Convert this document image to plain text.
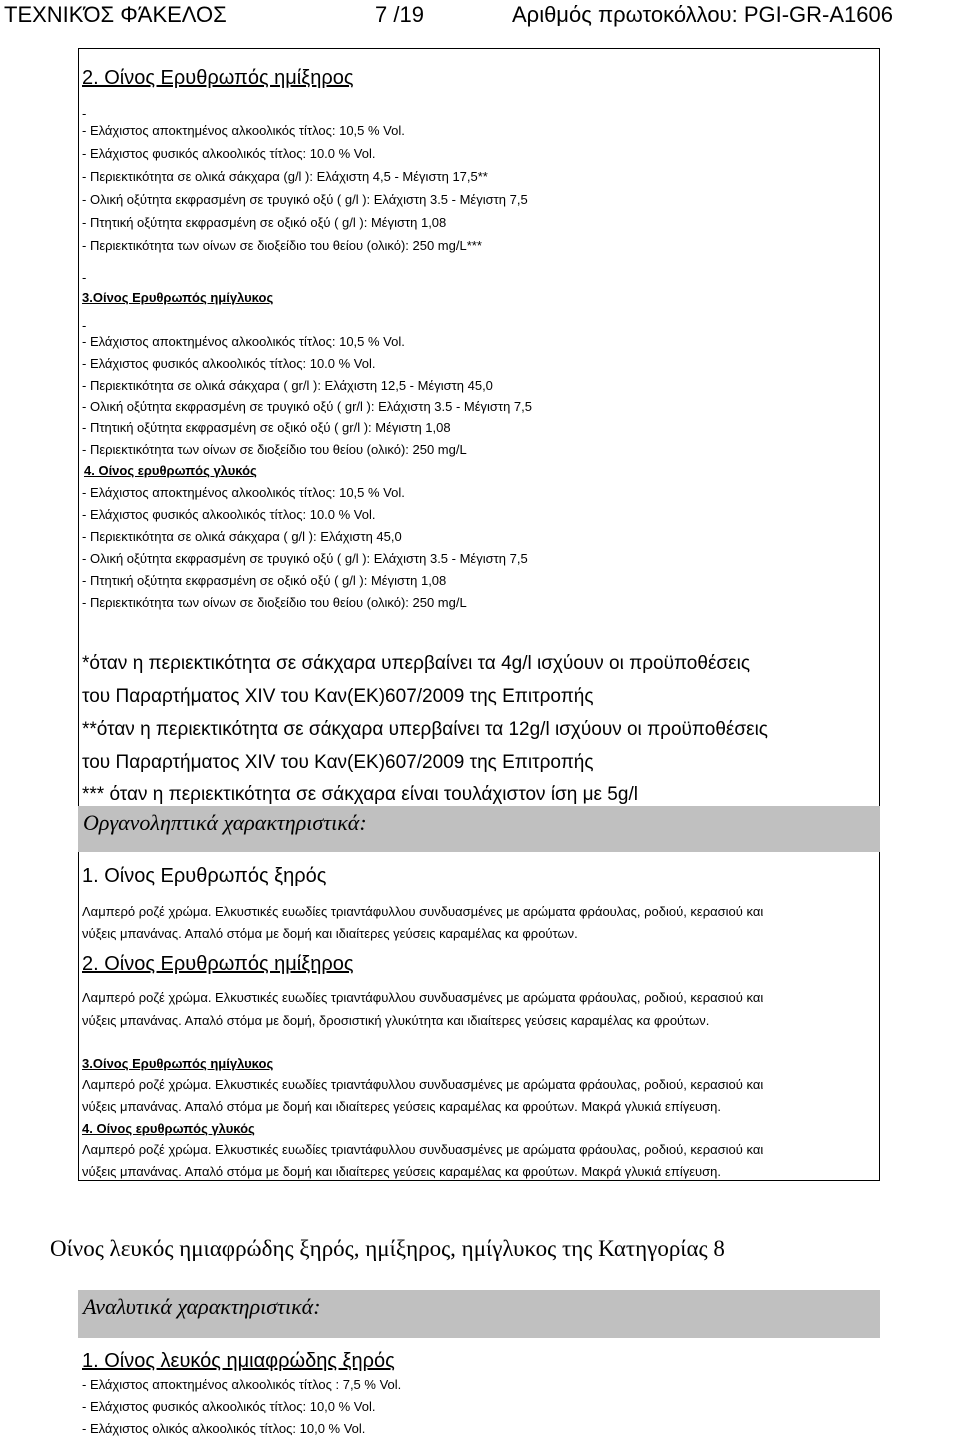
ΤΕΧΝΙΚΌΣ ΦΆΚΕΛΟΣ	7 /19	Αριθμός πρωτοκόλλου: PGI-GR-A1606
2. Οίνος Ερυθρωπός ημίξηρος
-
- Ελάχιστος αποκτημένος αλκοολικός τίτλος: 10,5 % Vol.
- Ελάχιστος φυσικός αλκοολικός τίτλος: 10.0 % Vol.
- Περιεκτικότητα σε ολικά σάκχαρα (g/l ): Ελάχιστη 4,5 - Μέγιστη 17,5**
- Ολική οξύτητα εκφρασμένη σε τρυγικό οξύ ( g/l ): Ελάχιστη 3.5 - Μέγιστη 7,5
- Πτητική οξύτητα εκφρασμένη σε οξικό οξύ ( g/l ): Μέγιστη 1,08
- Περιεκτικότητα των οίνων σε διοξείδιο του θείου (ολικό): 250 mg/L***
-
3.Οίνος Ερυθρωπός ημίγλυκος
-
- Ελάχιστος αποκτημένος αλκοολικός τίτλος: 10,5 % Vol.
- Ελάχιστος φυσικός αλκοολικός τίτλος: 10.0 % Vol.
- Περιεκτικότητα σε ολικά σάκχαρα ( gr/l ): Ελάχιστη 12,5 - Μέγιστη 45,0
- Ολική οξύτητα εκφρασμένη σε τρυγικό οξύ ( gr/l ): Ελάχιστη 3.5 - Μέγιστη 7,5
- Πτητική οξύτητα εκφρασμένη σε οξικό οξύ ( gr/l ): Μέγιστη 1,08
- Περιεκτικότητα των οίνων σε διοξείδιο του θείου (ολικό): 250 mg/L
4. Οίνος ερυθρωπός γλυκός
- Ελάχιστος αποκτημένος αλκοολικός τίτλος: 10,5 % Vol.
- Ελάχιστος φυσικός αλκοολικός τίτλος: 10.0 % Vol.
- Περιεκτικότητα σε ολικά σάκχαρα ( g/l ): Ελάχιστη 45,0
- Ολική οξύτητα εκφρασμένη σε τρυγικό οξύ ( g/l ): Ελάχιστη 3.5 - Μέγιστη 7,5
- Πτητική οξύτητα εκφρασμένη σε οξικό οξύ ( g/l ): Μέγιστη 1,08
- Περιεκτικότητα των οίνων σε διοξείδιο του θείου (ολικό): 250 mg/L
*όταν η περιεκτικότητα σε σάκχαρα υπερβαίνει τα 4g/l ισχύουν οι προϋποθέσεις
του Παραρτήματος XIV του Καν(ΕΚ)607/2009 της Επιτροπής
**όταν η περιεκτικότητα σε σάκχαρα υπερβαίνει τα 12g/l ισχύουν οι προϋποθέσεις
του Παραρτήματος XIV του Καν(ΕΚ)607/2009 της Επιτροπής
*** όταν η περιεκτικότητα σε σάκχαρα είναι τουλάχιστον ίση με 5g/l
Οργανοληπτικά χαρακτηριστικά:
1. Οίνος Ερυθρωπός ξηρός
Λαμπερό ροζέ χρώμα. Ελκυστικές ευωδίες τριαντάφυλλου συνδυασμένες με αρώματα φράουλας, ροδιού, κερασιού και
νύξεις μπανάνας. Απαλό στόμα με δομή και ιδιαίτερες γεύσεις καραμέλας κα φρούτων.
2. Οίνος Ερυθρωπός ημίξηρος
Λαμπερό ροζέ χρώμα. Ελκυστικές ευωδίες τριαντάφυλλου συνδυασμένες με αρώματα φράουλας, ροδιού, κερασιού και
νύξεις μπανάνας. Απαλό στόμα με δομή, δροσιστική γλυκύτητα και ιδιαίτερες γεύσεις καραμέλας κα φρούτων.
3.Οίνος Ερυθρωπός ημίγλυκος
Λαμπερό ροζέ χρώμα. Ελκυστικές ευωδίες τριαντάφυλλου συνδυασμένες με αρώματα φράουλας, ροδιού, κερασιού και
νύξεις μπανάνας. Απαλό στόμα με δομή και ιδιαίτερες γεύσεις καραμέλας κα φρούτων. Μακρά γλυκιά επίγευση.
4. Οίνος ερυθρωπός γλυκός
Λαμπερό ροζέ χρώμα. Ελκυστικές ευωδίες τριαντάφυλλου συνδυασμένες με αρώματα φράουλας, ροδιού, κερασιού και
νύξεις μπανάνας. Απαλό στόμα με δομή και ιδιαίτερες γεύσεις καραμέλας κα φρούτων. Μακρά γλυκιά επίγευση.
Οίνος λευκός ημιαφρώδης ξηρός, ημίξηρος, ημίγλυκος της Κατηγορίας 8
Αναλυτικά χαρακτηριστικά:
1. Οίνος λευκός ημιαφρώδης ξηρός
- Ελάχιστος αποκτημένος αλκοολικός τίτλος : 7,5 % Vol.
- Ελάχιστος φυσικός αλκοολικός τίτλος: 10,0 % Vol.
- Ελάχιστος ολικός αλκοολικός τίτλος: 10,0 % Vol.
